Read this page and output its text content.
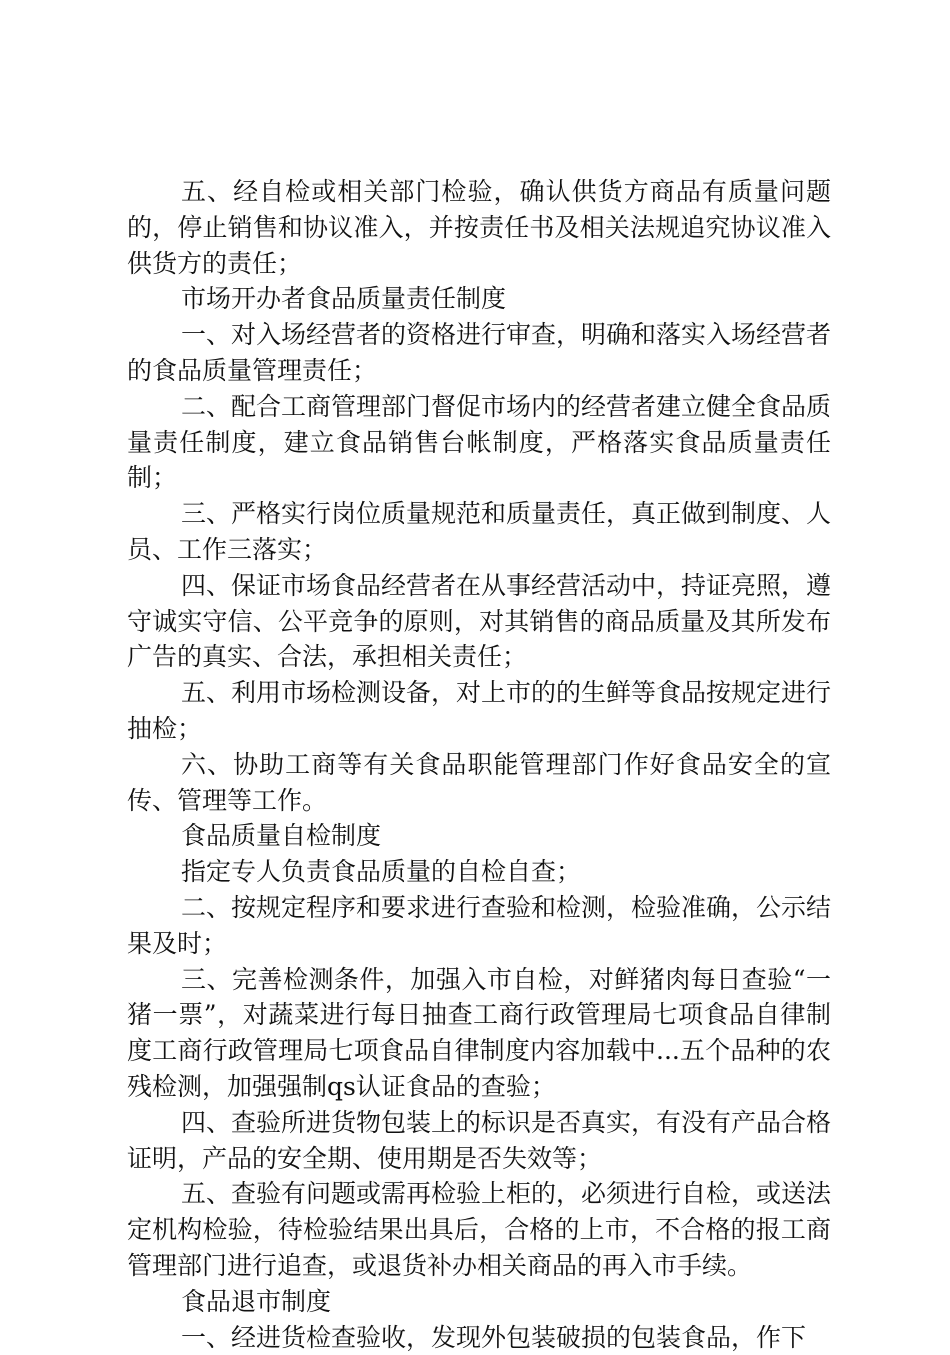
五、经自检或相关部门检验，确认供货方商品有质量问题的，停止销售和协议准入，并按责任书及相关法规追究协议准入供货方的责任；

市场开办者食品质量责任制度

一、对入场经营者的资格进行审查，明确和落实入场经营者的食品质量管理责任；

二、配合工商管理部门督促市场内的经营者建立健全食品质量责任制度，建立食品销售台帐制度，严格落实食品质量责任制；

三、严格实行岗位质量规范和质量责任，真正做到制度、人员、工作三落实；

四、保证市场食品经营者在从事经营活动中，持证亮照，遵守诚实守信、公平竞争的原则，对其销售的商品质量及其所发布广告的真实、合法，承担相关责任；

五、利用市场检测设备，对上市的的生鲜等食品按规定进行抽检；

六、协助工商等有关食品职能管理部门作好食品安全的宣传、管理等工作。

食品质量自检制度

指定专人负责食品质量的自检自查；

二、按规定程序和要求进行查验和检测，检验准确，公示结果及时；

三、完善检测条件，加强入市自检，对鲜猪肉每日查验“一猪一票”，对蔬菜进行每日抽查工商行政管理局七项食品自律制度工商行政管理局七项食品自律制度内容加载中...五个品种的农残检测，加强强制qs认证食品的查验；

四、查验所进货物包装上的标识是否真实，有没有产品合格证明，产品的安全期、使用期是否失效等；

五、查验有问题或需再检验上柜的，必须进行自检，或送法定机构检验，待检验结果出具后，合格的上市，不合格的报工商管理部门进行追查，或退货补办相关商品的再入市手续。

食品退市制度

一、经进货检查验收，发现外包装破损的包装食品，作下
